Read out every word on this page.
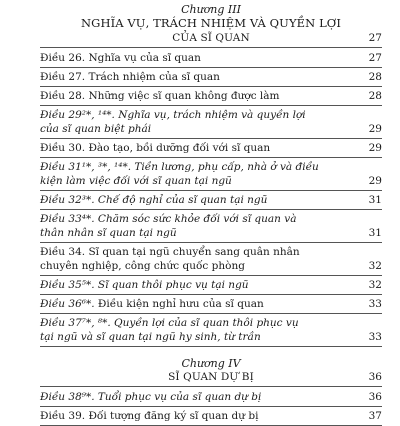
Chương III
NGHĨA VỤ, TRÁCH NHIỆM VÀ QUYỀN LỢI
CỦA SĨ QUAN	27
Điều 26. Nghĩa vụ của sĩ quan	27
Điều 27. Trách nhiệm của sĩ quan	28
Điều 28. Những việc sĩ quan không được làm	28
Điều 29²*, ¹⁴*. Nghĩa vụ, trách nhiệm và quyền lợi
của sĩ quan biệt phái	29
Điều 30. Đào tạo, bồi dưỡng đối với sĩ quan	29
Điều 31¹*, ³*, ¹⁴*. Tiền lương, phụ cấp, nhà ở và điều
kiện làm việc đối với sĩ quan tại ngũ	29
Điều 32³*. Chế độ nghỉ của sĩ quan tại ngũ	31
Điều 33⁴*. Chăm sóc sức khỏe đối với sĩ quan và
thân nhân sĩ quan tại ngũ	31
Điều 34. Sĩ quan tại ngũ chuyển sang quân nhân
chuyên nghiệp, công chức quốc phòng	32
Điều 35⁵*. Sĩ quan thôi phục vụ tại ngũ	32
Điều 36⁶*. Điều kiện nghỉ hưu của sĩ quan	33
Điều 37⁷*, ⁸*. Quyền lợi của sĩ quan thôi phục vụ
tại ngũ và sĩ quan tại ngũ hy sinh, từ trần	33
Chương IV
SĨ QUAN DỰ BỊ	36
Điều 38⁹*. Tuổi phục vụ của sĩ quan dự bị	36
Điều 39. Đối tượng đăng ký sĩ quan dự bị	37
